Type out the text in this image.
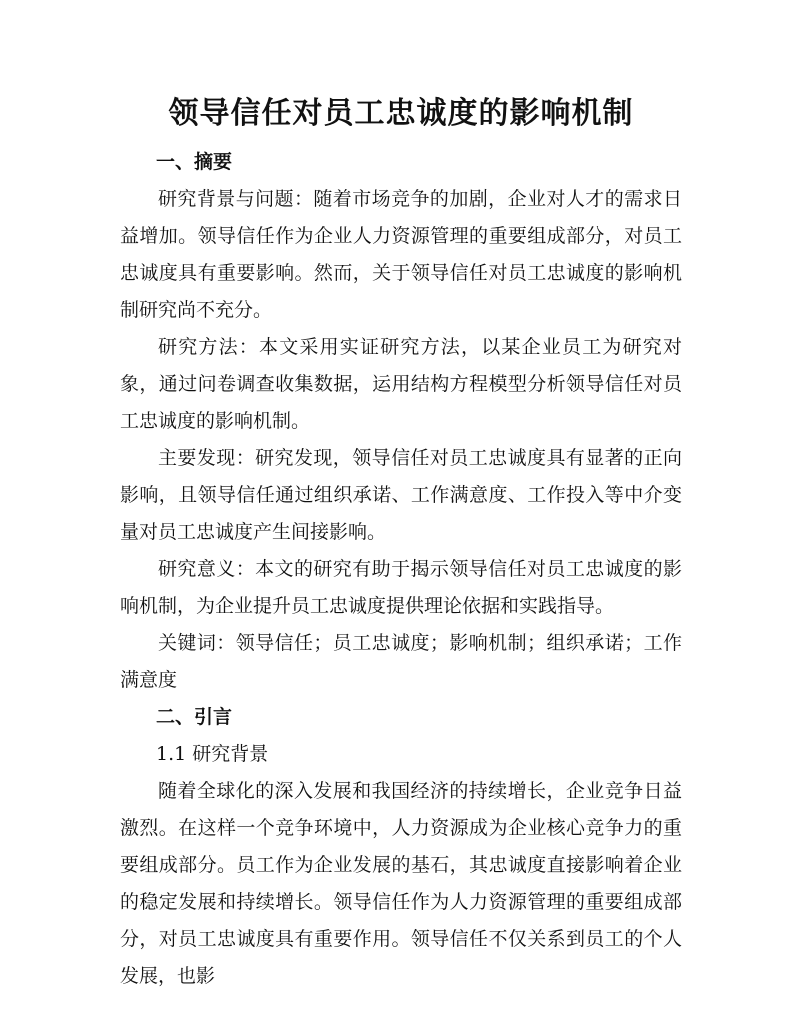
领导信任对员工忠诚度的影响机制

一、摘要

研究背景与问题：随着市场竞争的加剧，企业对人才的需求日益增加。领导信任作为企业人力资源管理的重要组成部分，对员工忠诚度具有重要影响。然而，关于领导信任对员工忠诚度的影响机制研究尚不充分。

研究方法：本文采用实证研究方法，以某企业员工为研究对象，通过问卷调查收集数据，运用结构方程模型分析领导信任对员工忠诚度的影响机制。

主要发现：研究发现，领导信任对员工忠诚度具有显著的正向影响，且领导信任通过组织承诺、工作满意度、工作投入等中介变量对员工忠诚度产生间接影响。

研究意义：本文的研究有助于揭示领导信任对员工忠诚度的影响机制，为企业提升员工忠诚度提供理论依据和实践指导。

关键词：领导信任；员工忠诚度；影响机制；组织承诺；工作满意度

二、引言

1.1 研究背景

随着全球化的深入发展和我国经济的持续增长，企业竞争日益激烈。在这样一个竞争环境中，人力资源成为企业核心竞争力的重要组成部分。员工作为企业发展的基石，其忠诚度直接影响着企业的稳定发展和持续增长。领导信任作为人力资源管理的重要组成部分，对员工忠诚度具有重要作用。领导信任不仅关系到员工的个人发展，也影
